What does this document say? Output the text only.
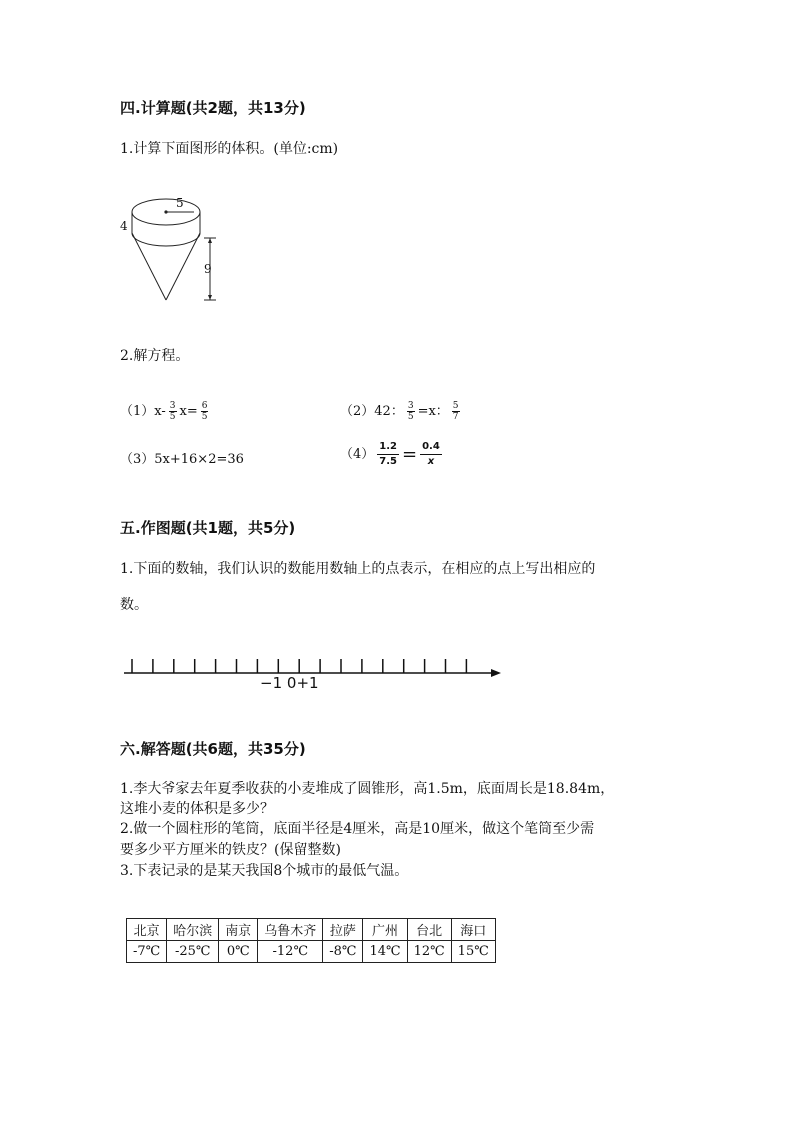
四.计算题(共2题，共13分)
1.计算下面图形的体积。(单位:cm)
5
4
9
2.解方程。
$(1)x- \frac{3}{5} x= \frac{6}{5}$	（2）42： $\frac{3}{5} =x$： $\frac{5}{7}$
（3）5x+16×2=36	$(4) \frac{1.2}{7.5} = \frac{0.4}{x}$
五.作图题(共1题，共5分)
1.下面的数轴，我们认识的数能用数轴上的点表示，在相应的点上写出相应的
数。
−1 0+1
六.解答题(共6题，共35分)
1.李大爷家去年夏季收获的小麦堆成了圆锥形，高1.5m，底面周长是18.84m，
这堆小麦的体积是多少？
2.做一个圆柱形的笔筒，底面半径是4厘米，高是10厘米，做这个笔筒至少需
要多少平方厘米的铁皮？(保留整数)
3.下表记录的是某天我国8个城市的最低气温。
北京	哈尔滨	南京	乌鲁木齐	拉萨	广州	台北	海口
-7℃	-25℃	0℃	-12℃	-8℃	14℃	12℃	15℃
